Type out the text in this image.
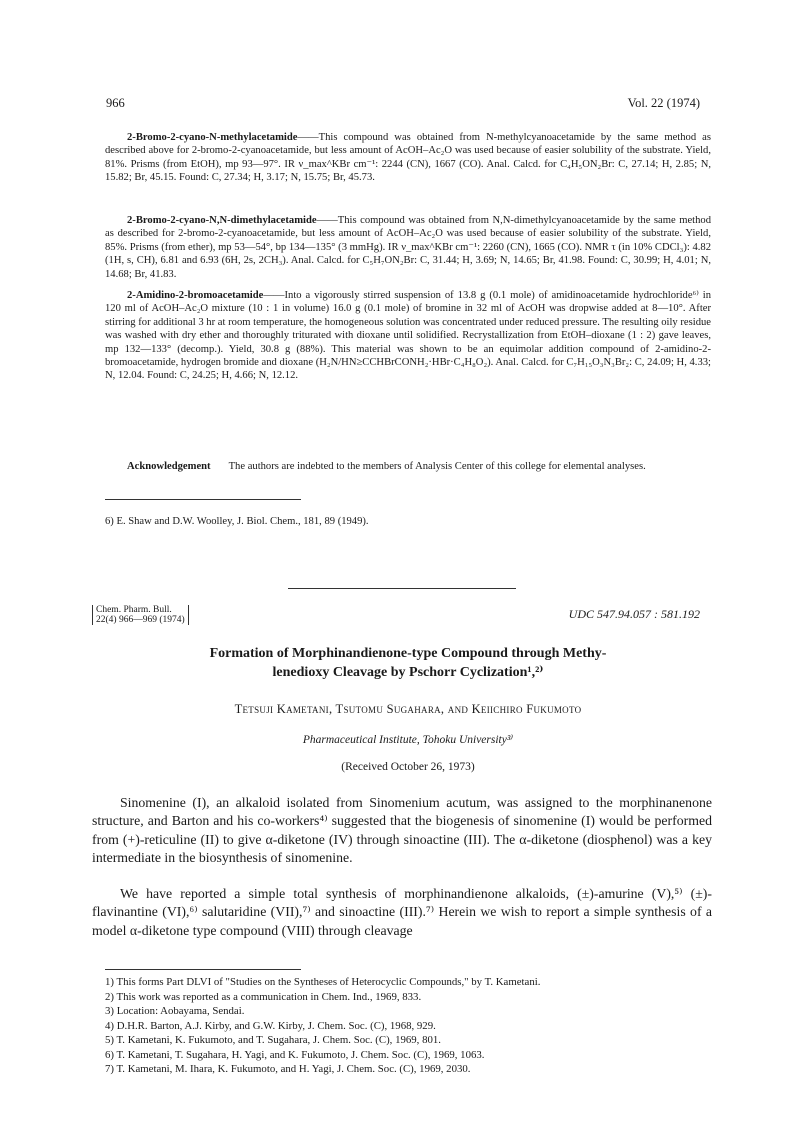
966	Vol. 22 (1974)

2-Bromo-2-cyano-N-methylacetamide——This compound was obtained from N-methylcyanoacetamide by the same method as described above for 2-bromo-2-cyanoacetamide, but less amount of AcOH–Ac₂O was used because of easier solubility of the substrate. Yield, 81%. Prisms (from EtOH), mp 93—97°. IR ν_max^KBr cm⁻¹: 2244 (CN), 1667 (CO). Anal. Calcd. for C₄H₅ON₂Br: C, 27.14; H, 2.85; N, 15.82; Br, 45.15. Found: C, 27.34; H, 3.17; N, 15.75; Br, 45.73.

2-Bromo-2-cyano-N,N-dimethylacetamide——This compound was obtained from N,N-dimethylcyanoacetamide by the same method as described for 2-bromo-2-cyanoacetamide, but less amount of AcOH–Ac₂O was used because of easier solubility of the substrate. Yield, 85%. Prisms (from ether), mp 53—54°, bp 134—135° (3 mmHg). IR ν_max^KBr cm⁻¹: 2260 (CN), 1665 (CO). NMR τ (in 10% CDCl₃): 4.82 (1H, s, CH), 6.81 and 6.93 (6H, 2s, 2CH₃). Anal. Calcd. for C₅H₇ON₂Br: C, 31.44; H, 3.69; N, 14.65; Br, 41.98. Found: C, 30.99; H, 4.01; N, 14.68; Br, 41.83.

2-Amidino-2-bromoacetamide——Into a vigorously stirred suspension of 13.8 g (0.1 mole) of amidinoacetamide hydrochloride⁶⁾ in 120 ml of AcOH–Ac₂O mixture (10 : 1 in volume) 16.0 g (0.1 mole) of bromine in 32 ml of AcOH was dropwise added at 8—10°. After stirring for additional 3 hr at room temperature, the homogeneous solution was concentrated under reduced pressure. The resulting oily residue was washed with dry ether and thoroughly triturated with dioxane until solidified. Recrystallization from EtOH–dioxane (1 : 2) gave leaves, mp 132—133° (decomp.). Yield, 30.8 g (88%). This material was shown to be an equimolar addition compound of 2-amidino-2-bromoacetamide, hydrogen bromide and dioxane (H₂N/HN≥CCHBrCONH₂·HBr·C₄H₈O₂). Anal. Calcd. for C₇H₁₅O₃N₃Br₂: C, 24.09; H, 4.33; N, 12.04. Found: C, 24.25; H, 4.66; N, 12.12.

Acknowledgement The authors are indebted to the members of Analysis Center of this college for elemental analyses.

6) E. Shaw and D.W. Woolley, J. Biol. Chem., 181, 89 (1949).
Chem. Pharm. Bull.
22(4) 966—969 (1974)	UDC 547.94.057 : 581.192
Formation of Morphinandienone-type Compound through Methy-
lenedioxy Cleavage by Pschorr Cyclization¹,²⁾
Tetsuji Kametani, Tsutomu Sugahara, and Keiichiro Fukumoto
Pharmaceutical Institute, Tohoku University³⁾
(Received October 26, 1973)

Sinomenine (I), an alkaloid isolated from Sinomenium acutum, was assigned to the morphinanenone structure, and Barton and his co-workers⁴⁾ suggested that the biogenesis of sinomenine (I) would be performed from (+)-reticuline (II) to give α-diketone (IV) through sinoactine (III). The α-diketone (diosphenol) was a key intermediate in the biosynthesis of sinomenine.

We have reported a simple total synthesis of morphinandienone alkaloids, (±)-amurine (V),⁵⁾ (±)-flavinantine (VI),⁶⁾ salutaridine (VII),⁷⁾ and sinoactine (III).⁷⁾ Herein we wish to report a simple synthesis of a model α-diketone type compound (VIII) through cleavage

1) This forms Part DLVI of "Studies on the Syntheses of Heterocyclic Compounds," by T. Kametani.
2) This work was reported as a communication in Chem. Ind., 1969, 833.
3) Location: Aobayama, Sendai.
4) D.H.R. Barton, A.J. Kirby, and G.W. Kirby, J. Chem. Soc. (C), 1968, 929.
5) T. Kametani, K. Fukumoto, and T. Sugahara, J. Chem. Soc. (C), 1969, 801.
6) T. Kametani, T. Sugahara, H. Yagi, and K. Fukumoto, J. Chem. Soc. (C), 1969, 1063.
7) T. Kametani, M. Ihara, K. Fukumoto, and H. Yagi, J. Chem. Soc. (C), 1969, 2030.
